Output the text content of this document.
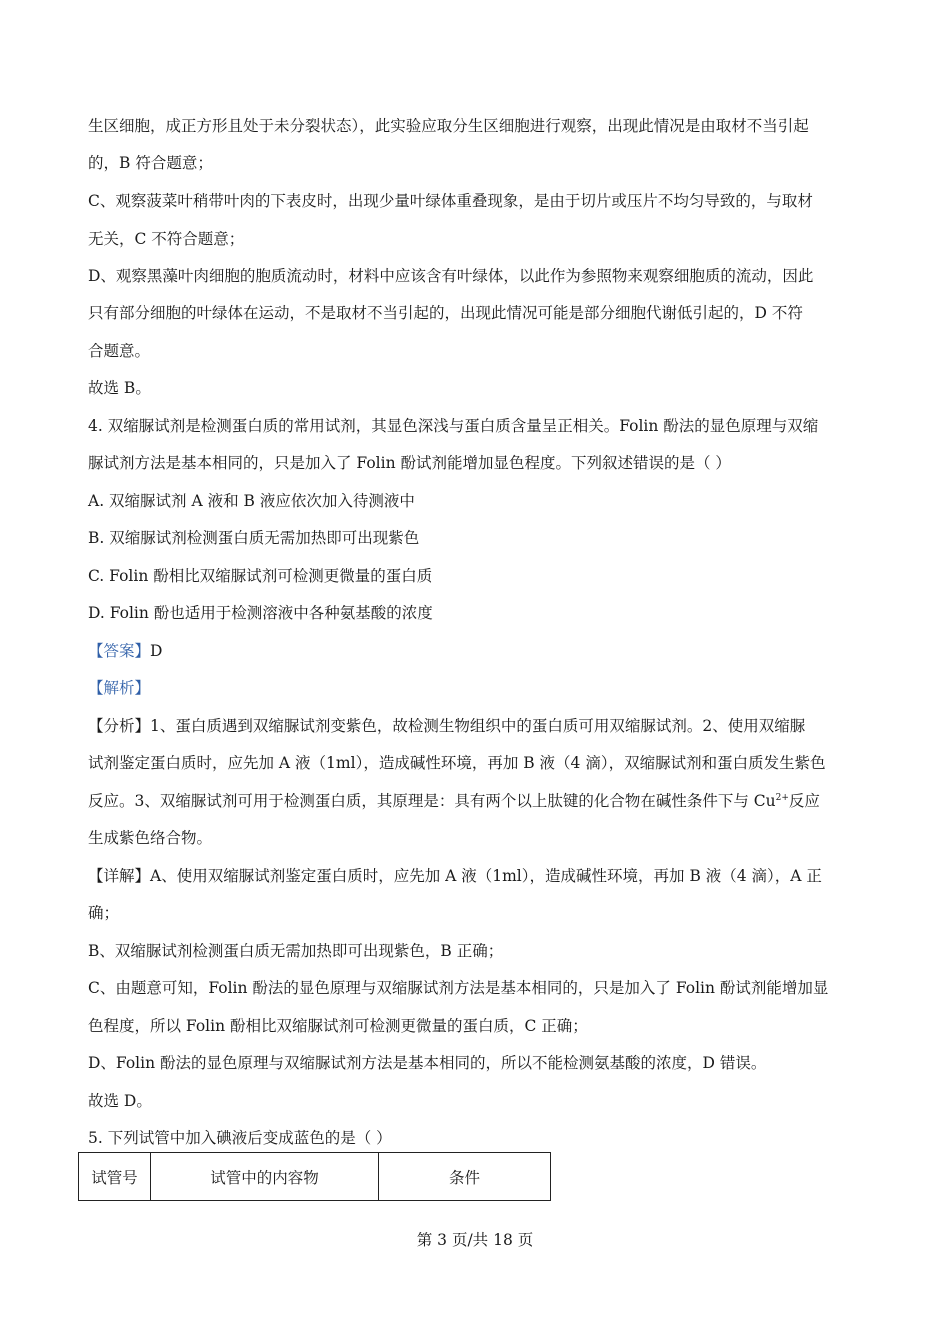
生区细胞，成正方形且处于未分裂状态），此实验应取分生区细胞进行观察，出现此情况是由取材不当引起
的，B 符合题意；
C、观察菠菜叶稍带叶肉的下表皮时，出现少量叶绿体重叠现象，是由于切片或压片不均匀导致的，与取材
无关，C 不符合题意；
D、观察黑藻叶肉细胞的胞质流动时，材料中应该含有叶绿体，以此作为参照物来观察细胞质的流动，因此
只有部分细胞的叶绿体在运动，不是取材不当引起的，出现此情况可能是部分细胞代谢低引起的，D 不符
合题意。
故选 B。
4. 双缩脲试剂是检测蛋白质的常用试剂，其显色深浅与蛋白质含量呈正相关。Folin 酚法的显色原理与双缩
脲试剂方法是基本相同的，只是加入了 Folin 酚试剂能增加显色程度。下列叙述错误的是（ ）
A. 双缩脲试剂 A 液和 B 液应依次加入待测液中
B. 双缩脲试剂检测蛋白质无需加热即可出现紫色
C. Folin 酚相比双缩脲试剂可检测更微量的蛋白质
D. Folin 酚也适用于检测溶液中各种氨基酸的浓度
【答案】D
【解析】
【分析】1、蛋白质遇到双缩脲试剂变紫色，故检测生物组织中的蛋白质可用双缩脲试剂。2、使用双缩脲
试剂鉴定蛋白质时，应先加 A 液（1ml），造成碱性环境，再加 B 液（4 滴），双缩脲试剂和蛋白质发生紫色
反应。3、双缩脲试剂可用于检测蛋白质，其原理是：具有两个以上肽键的化合物在碱性条件下与 $Cu^{2+}$反应
生成紫色络合物。
【详解】A、使用双缩脲试剂鉴定蛋白质时，应先加 A 液（1ml），造成碱性环境，再加 B 液（4 滴），A 正
确；
B、双缩脲试剂检测蛋白质无需加热即可出现紫色，B 正确；
C、由题意可知，Folin 酚法的显色原理与双缩脲试剂方法是基本相同的，只是加入了 Folin 酚试剂能增加显
色程度，所以 Folin 酚相比双缩脲试剂可检测更微量的蛋白质，C 正确；
D、Folin 酚法的显色原理与双缩脲试剂方法是基本相同的，所以不能检测氨基酸的浓度，D 错误。
故选 D。
5. 下列试管中加入碘液后变成蓝色的是（ ）
试管号	试管中的内容物	条件
第 3 页/共 18 页
